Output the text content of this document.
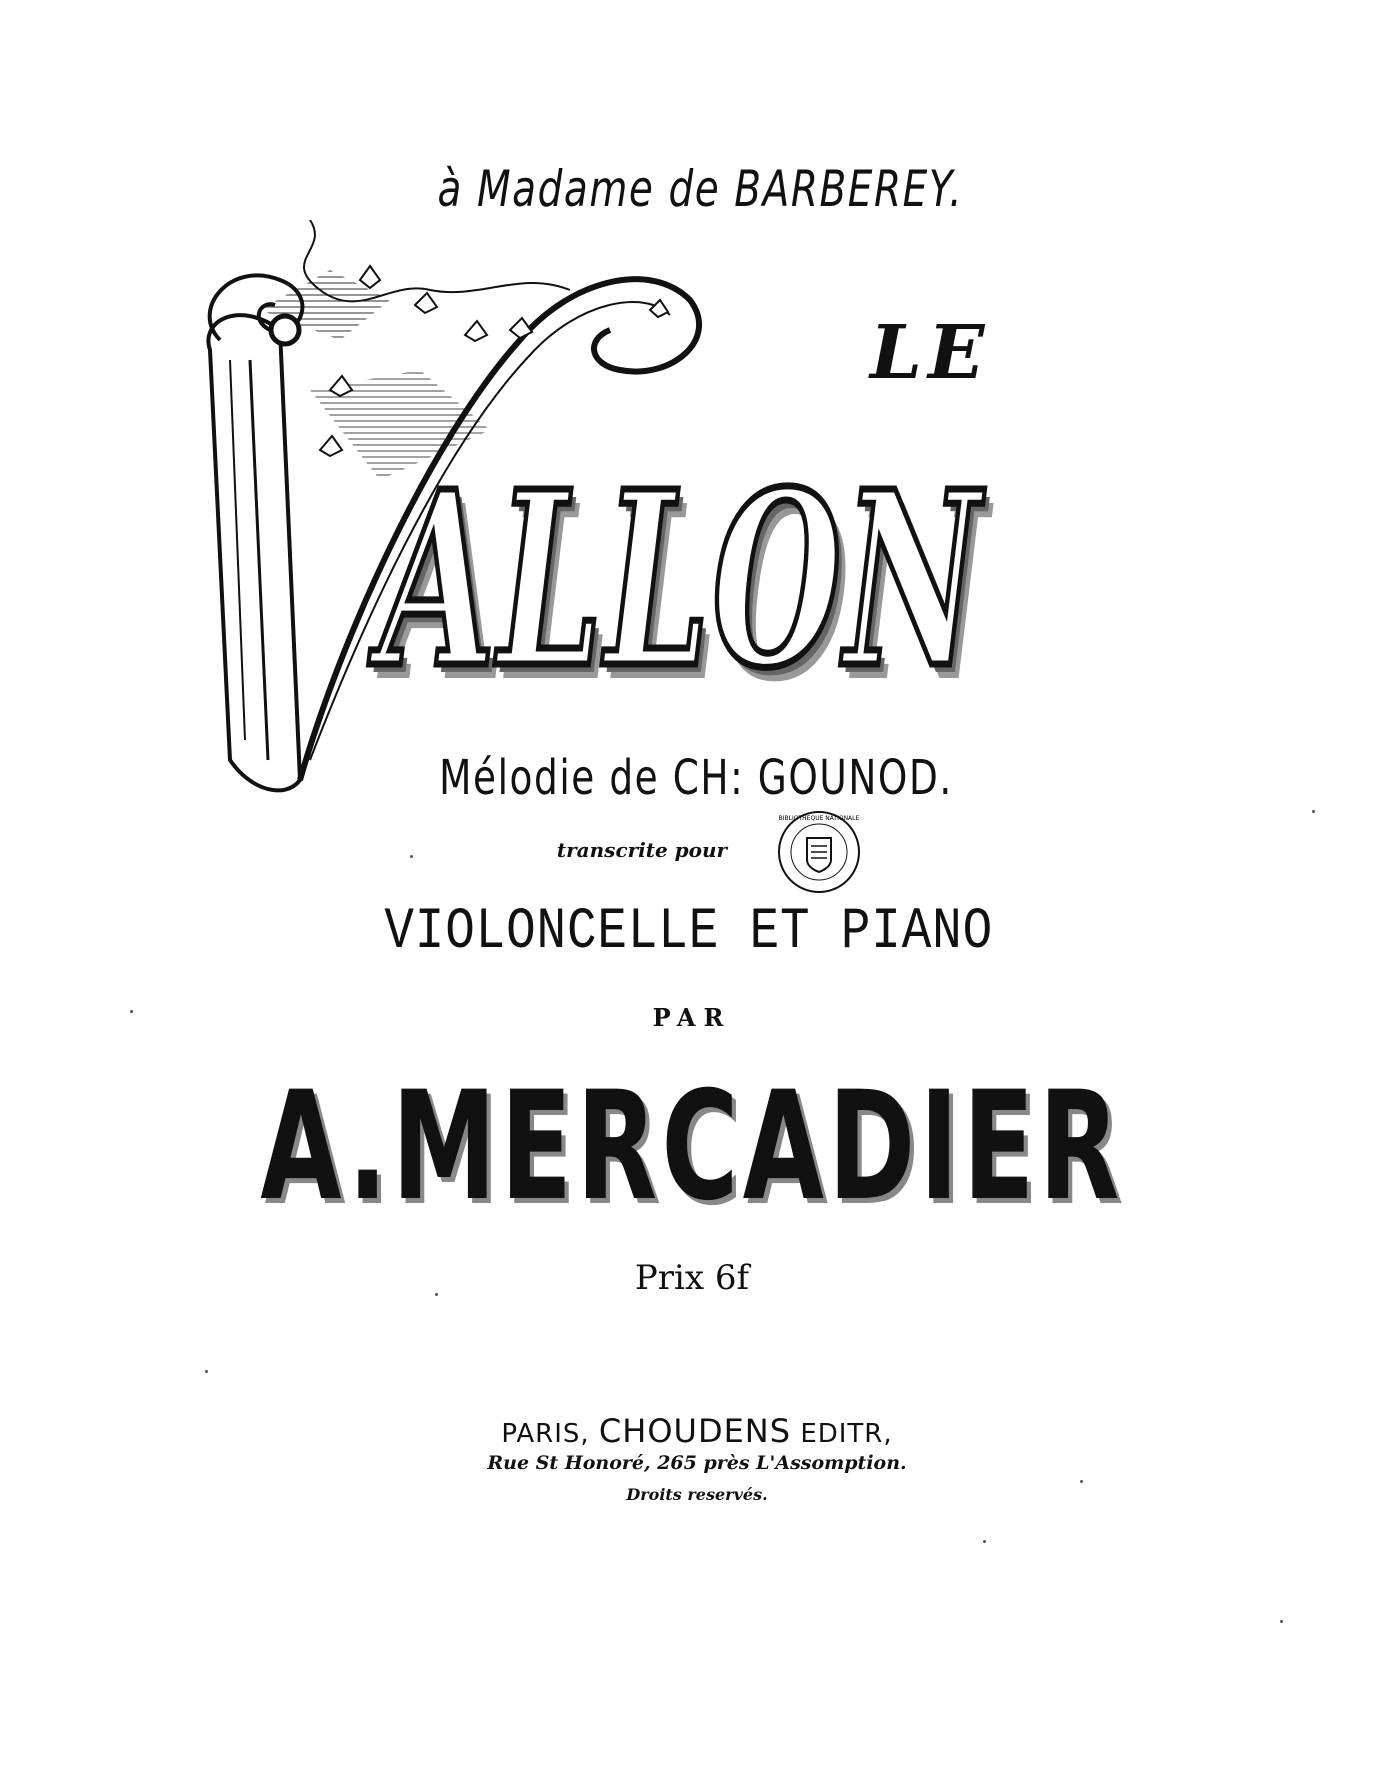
à Madame de BARBEREY.
LE
ALLON
Mélodie de CH: GOUNOD.
transcrite pour
BIBLIOTHEQUE NATIONALE
VIOLONCELLE ET PIANO
PAR
A.MERCADIER
Prix 6f
PARIS, CHOUDENS EDITR,
Rue St Honoré, 265 près L'Assomption.
Droits reservés.
